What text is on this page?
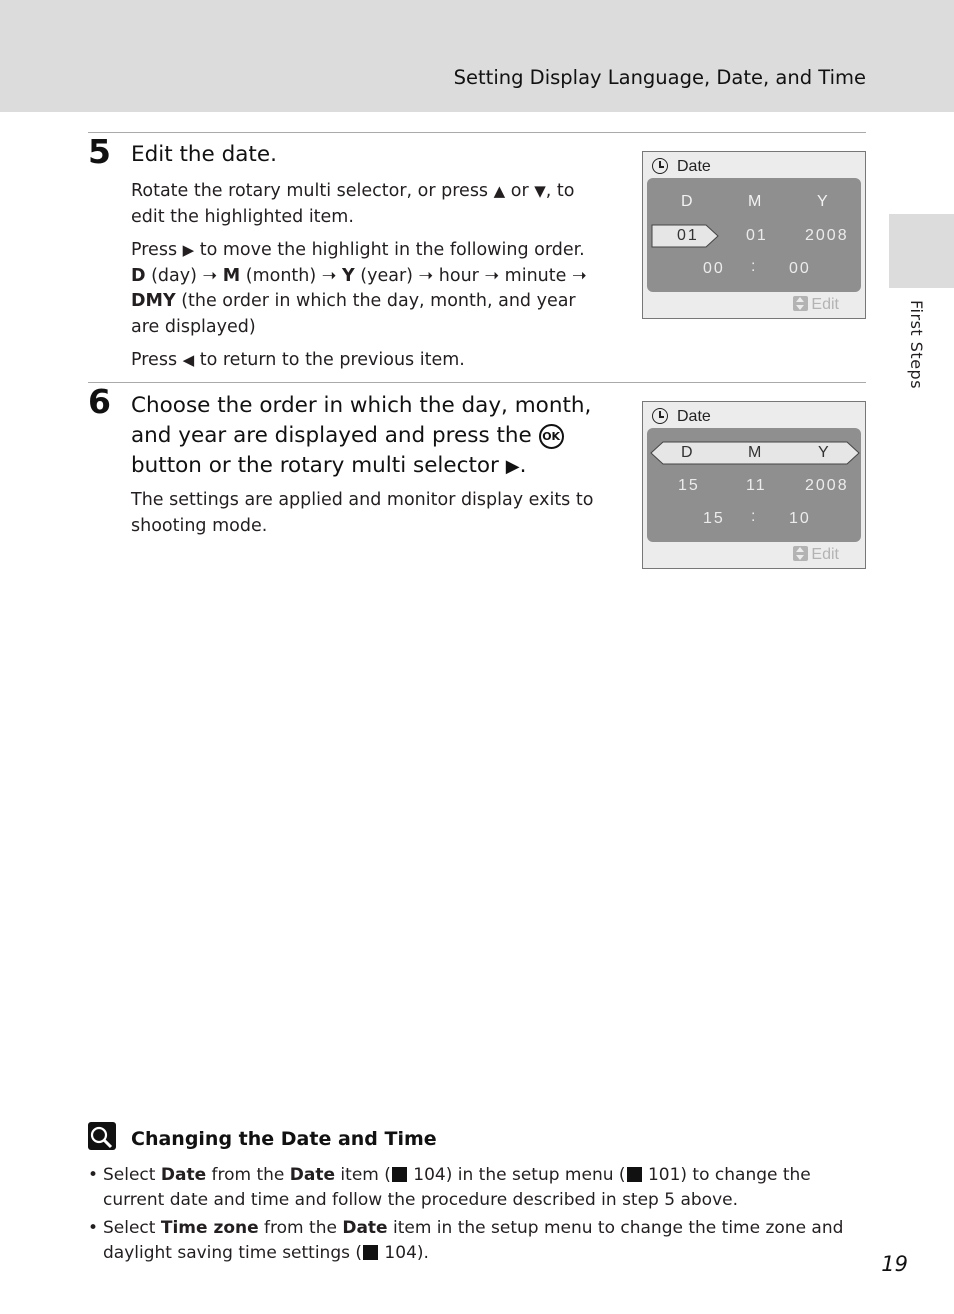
Setting Display Language, Date, and Time
First Steps
5 Edit the date.

Rotate the rotary multi selector, or press ▲ or ▼, to edit the highlighted item.

Press ▶ to move the highlight in the following order.
D (day) ➝ M (month) ➝ Y (year) ➝ hour ➝ minute ➝
DMY (the order in which the day, month, and year are displayed)

Press ◀ to return to the previous item.

Date
D	M	Y
01	01 2008
00 : 00
Edit
6 Choose the order in which the day, month, and year are displayed and press the OK button or the rotary multi selector ▶.

The settings are applied and monitor display exits to shooting mode.

Date
D	M	Y
15	11 2008
15 : 10
Edit
Changing the Date and Time
• Select Date from the Date item ( 104) in the setup menu ( 101) to change the current date and time and follow the procedure described in step 5 above.
• Select Time zone from the Date item in the setup menu to change the time zone and daylight saving time settings ( 104).	19
